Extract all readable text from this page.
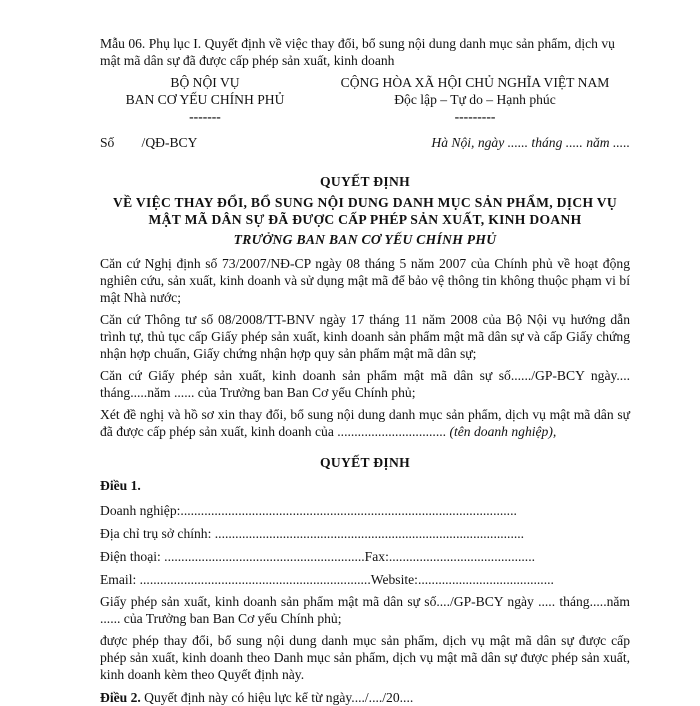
Mẫu 06. Phụ lục I. Quyết định về việc thay đổi, bổ sung nội dung danh mục sản phẩm, dịch vụ mật mã dân sự đã được cấp phép sản xuất, kinh doanh

BỘ NỘI VỤ

BAN CƠ YẾU CHÍNH PHỦ

-------

CỘNG HÒA XÃ HỘI CHỦ NGHĨA VIỆT NAM

Độc lập – Tự do – Hạnh phúc

---------

Số        /QĐ-BCY	Hà Nội, ngày ...... tháng ..... năm .....

QUYẾT ĐỊNH

VỀ VIỆC THAY ĐỔI, BỔ SUNG NỘI DUNG DANH MỤC SẢN PHẨM, DỊCH VỤ MẬT MÃ DÂN SỰ ĐÃ ĐƯỢC CẤP PHÉP SẢN XUẤT, KINH DOANH

TRƯỞNG BAN BAN CƠ YẾU CHÍNH PHỦ

Căn cứ Nghị định số 73/2007/NĐ-CP ngày 08 tháng 5 năm 2007 của Chính phủ về hoạt động nghiên cứu, sản xuất, kinh doanh và sử dụng mật mã để bảo vệ thông tin không thuộc phạm vi bí mật Nhà nước;

Căn cứ Thông tư số 08/2008/TT-BNV ngày 17 tháng 11 năm 2008 của Bộ Nội vụ hướng dẫn trình tự, thủ tục cấp Giấy phép sản xuất, kinh doanh sản phẩm mật mã dân sự và cấp Giấy chứng nhận hợp chuẩn, Giấy chứng nhận hợp quy sản phẩm mật mã dân sự;

Căn cứ Giấy phép sản xuất, kinh doanh sản phẩm mật mã dân sự số....../GP-BCY ngày.... tháng.....năm ...... của Trưởng ban Ban Cơ yếu Chính phủ;

Xét đề nghị và hồ sơ xin thay đổi, bổ sung nội dung danh mục sản phẩm, dịch vụ mật mã dân sự đã được cấp phép sản xuất, kinh doanh của ................................ (tên doanh nghiệp),

QUYẾT ĐỊNH

Điều 1.

Doanh nghiệp:...................................................................................................

Địa chỉ trụ sở chính: ...........................................................................................

Điện thoại: ...........................................................Fax:...........................................

Email: ....................................................................Website:........................................

Giấy phép sản xuất, kinh doanh sản phẩm mật mã dân sự số..../GP-BCY ngày ..... tháng.....năm ...... của Trưởng ban Ban Cơ yếu Chính phủ;

được phép thay đổi, bổ sung nội dung danh mục sản phẩm, dịch vụ mật mã dân sự được cấp phép sản xuất, kinh doanh theo Danh mục sản phẩm, dịch vụ mật mã dân sự được phép sản xuất, kinh doanh kèm theo Quyết định này.

Điều 2. Quyết định này có hiệu lực kể từ ngày..../..../20....
